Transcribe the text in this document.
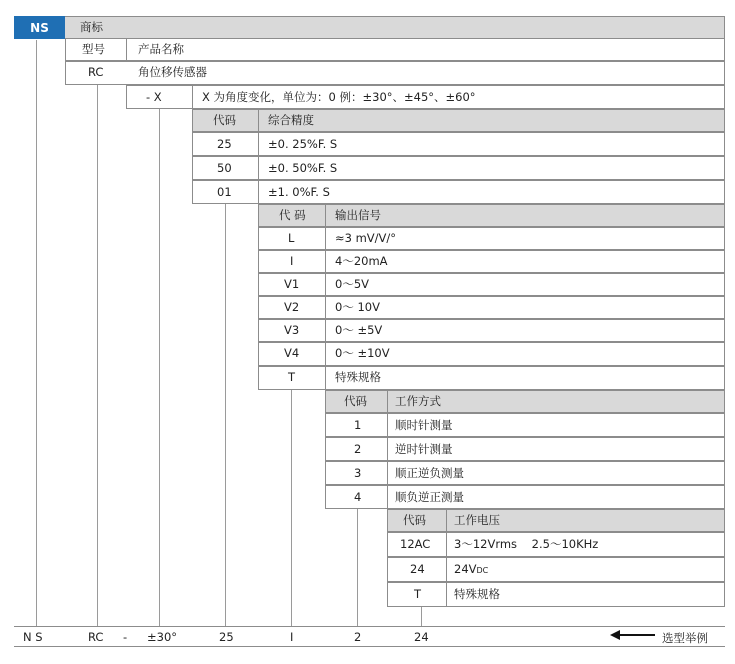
NS	商标
型号	产品名称
RC	角位移传感器
- X	X 为角度变化，单位为：0 例：±30°、±45°、±60°
代码	综合精度
25	±0. 25%F. S
50	±0. 50%F. S
01	±1. 0%F. S
代 码	输出信号
L	≈3 mV/V/°
I	4～20mA
V1	0～5V
V2	0～ 10V
V3	0～ ±5V
V4	0～ ±10V
T	特殊规格
代码 工作方式
1	顺时针测量
2	逆时针测量
3	顺正逆负测量
4	顺负逆正测量
代码 工作电压
12AC 3～12Vrms    2.5～10KHz
24	24VDC
T	特殊规格
N S	RC - ±30°	25	I	2	24	选型举例
